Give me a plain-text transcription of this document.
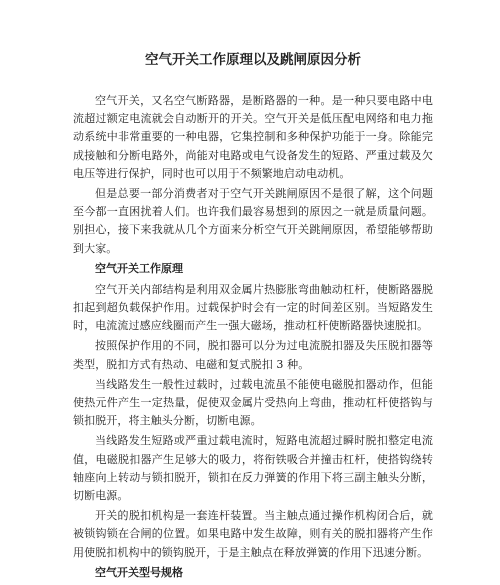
空气开关工作原理以及跳闸原因分析

空气开关，又名空气断路器，是断路器的一种。是一种只要电路中电流超过额定电流就会自动断开的开关。空气开关是低压配电网络和电力拖动系统中非常重要的一种电器，它集控制和多种保护功能于一身。除能完成接触和分断电路外，尚能对电路或电气设备发生的短路、严重过载及欠电压等进行保护，同时也可以用于不频繁地启动电动机。

但是总要一部分消费者对于空气开关跳闸原因不是很了解，这个问题至今都一直困扰着人们。也许我们最容易想到的原因之一就是质量问题。别担心，接下来我就从几个方面来分析空气开关跳闸原因，希望能够帮助到大家。

空气开关工作原理

空气开关内部结构是利用双金属片热膨胀弯曲触动杠杆，使断路器脱扣起到超负载保护作用。过载保护时会有一定的时间差区别。当短路发生时，电流流过感应线圈而产生一强大磁场，推动杠杆使断路器快速脱扣。

按照保护作用的不同，脱扣器可以分为过电流脱扣器及失压脱扣器等类型，脱扣方式有热动、电磁和复式脱扣 3 种。

当线路发生一般性过载时，过载电流虽不能使电磁脱扣器动作，但能使热元件产生一定热量，促使双金属片受热向上弯曲，推动杠杆使搭钩与锁扣脱开，将主触头分断，切断电源。

当线路发生短路或严重过载电流时，短路电流超过瞬时脱扣整定电流值，电磁脱扣器产生足够大的吸力，将衔铁吸合并撞击杠杆，使搭钩绕转轴座向上转动与锁扣脱开，锁扣在反力弹簧的作用下将三副主触头分断，切断电源。

开关的脱扣机构是一套连杆装置。当主触点通过操作机构闭合后，就被锁钩锁在合闸的位置。如果电路中发生故障，则有关的脱扣器将产生作用使脱扣机构中的锁钩脱开，于是主触点在释放弹簧的作用下迅速分断。

空气开关型号规格
